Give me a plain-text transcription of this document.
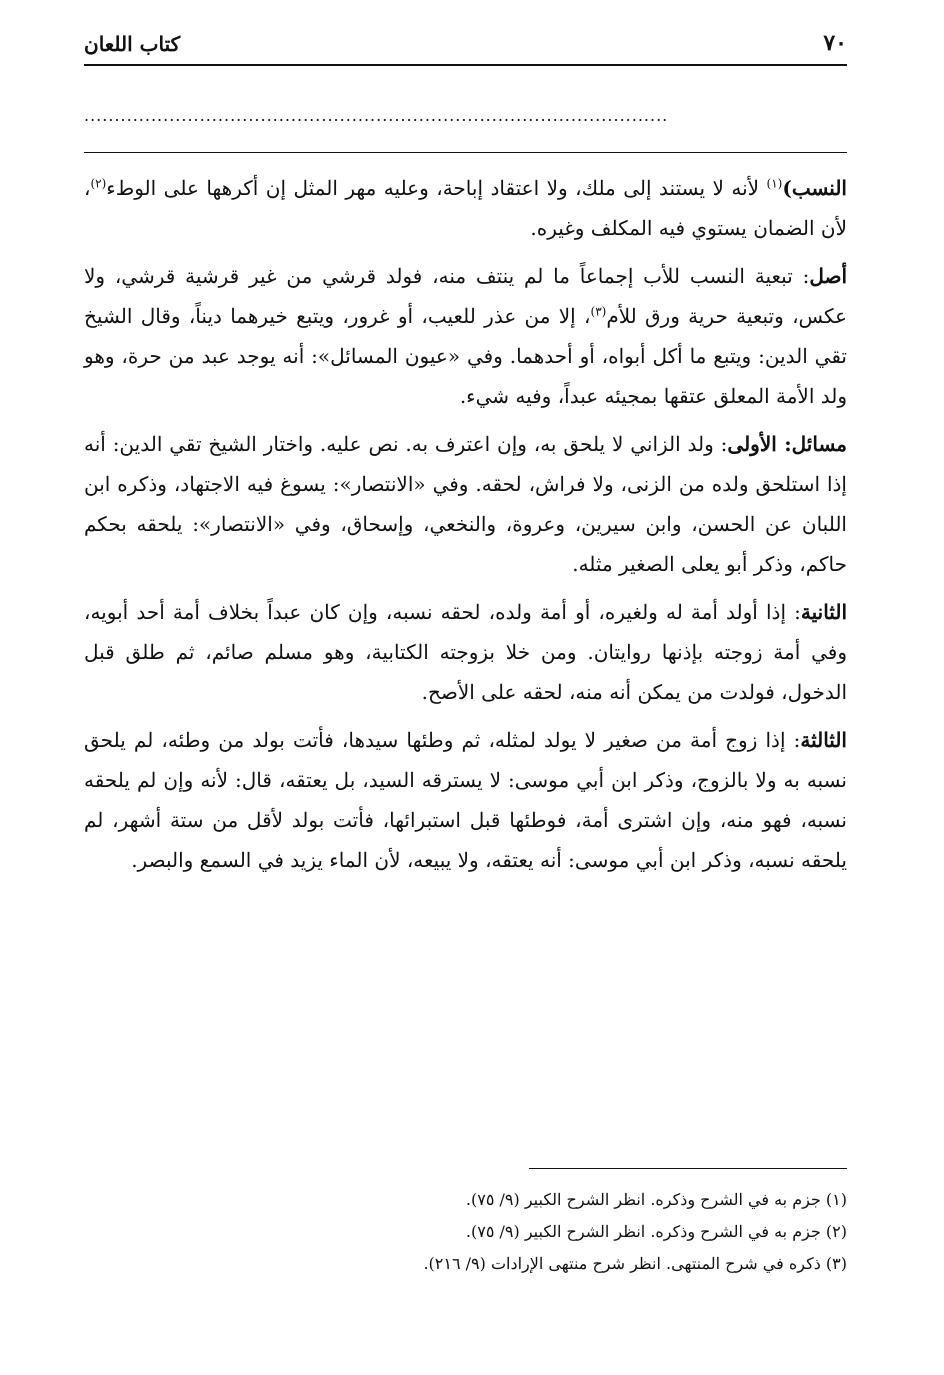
٧٠
كتاب اللعان
................................................................................................

النسب)$^{(١)}$ لأنه لا يستند إلى ملك، ولا اعتقاد إباحة، وعليه مهر المثل إن أكرهها على الوطء$^{(٢)}$، لأن الضمان يستوي فيه المكلف وغيره.

أصل: تبعية النسب للأب إجماعاً ما لم ينتف منه، فولد قرشي من غير قرشية قرشي، ولا عكس، وتبعية حرية ورق للأم$^{(٣)}$، إلا من عذر للعيب، أو غرور، ويتبع خيرهما ديناً، وقال الشيخ تقي الدين: ويتبع ما أكل أبواه، أو أحدهما. وفي «عيون المسائل»: أنه يوجد عبد من حرة، وهو ولد الأمة المعلق عتقها بمجيئه عبداً، وفيه شيء.

مسائل: الأولى: ولد الزاني لا يلحق به، وإن اعترف به. نص عليه. واختار الشيخ تقي الدين: أنه إذا استلحق ولده من الزنى، ولا فراش، لحقه. وفي «الانتصار»: يسوغ فيه الاجتهاد، وذكره ابن اللبان عن الحسن، وابن سيرين، وعروة، والنخعي، وإسحاق، وفي «الانتصار»: يلحقه بحكم حاكم، وذكر أبو يعلى الصغير مثله.

الثانية: إذا أولد أمة له ولغيره، أو أمة ولده، لحقه نسبه، وإن كان عبداً بخلاف أمة أحد أبويه، وفي أمة زوجته بإذنها روايتان. ومن خلا بزوجته الكتابية، وهو مسلم صائم، ثم طلق قبل الدخول، فولدت من يمكن أنه منه، لحقه على الأصح.

الثالثة: إذا زوج أمة من صغير لا يولد لمثله، ثم وطئها سيدها، فأتت بولد من وطئه، لم يلحق نسبه به ولا بالزوج، وذكر ابن أبي موسى: لا يسترقه السيد، بل يعتقه، قال: لأنه وإن لم يلحقه نسبه، فهو منه، وإن اشترى أمة، فوطئها قبل استبرائها، فأتت بولد لأقل من ستة أشهر، لم يلحقه نسبه، وذكر ابن أبي موسى: أنه يعتقه، ولا يبيعه، لأن الماء يزيد في السمع والبصر.

(١) جزم به في الشرح وذكره. انظر الشرح الكبير (٩/ ٧٥).
(٢) جزم به في الشرح وذكره. انظر الشرح الكبير (٩/ ٧٥).
(٣) ذكره في شرح المنتهى. انظر شرح منتهى الإرادات (٩/ ٢١٦).
